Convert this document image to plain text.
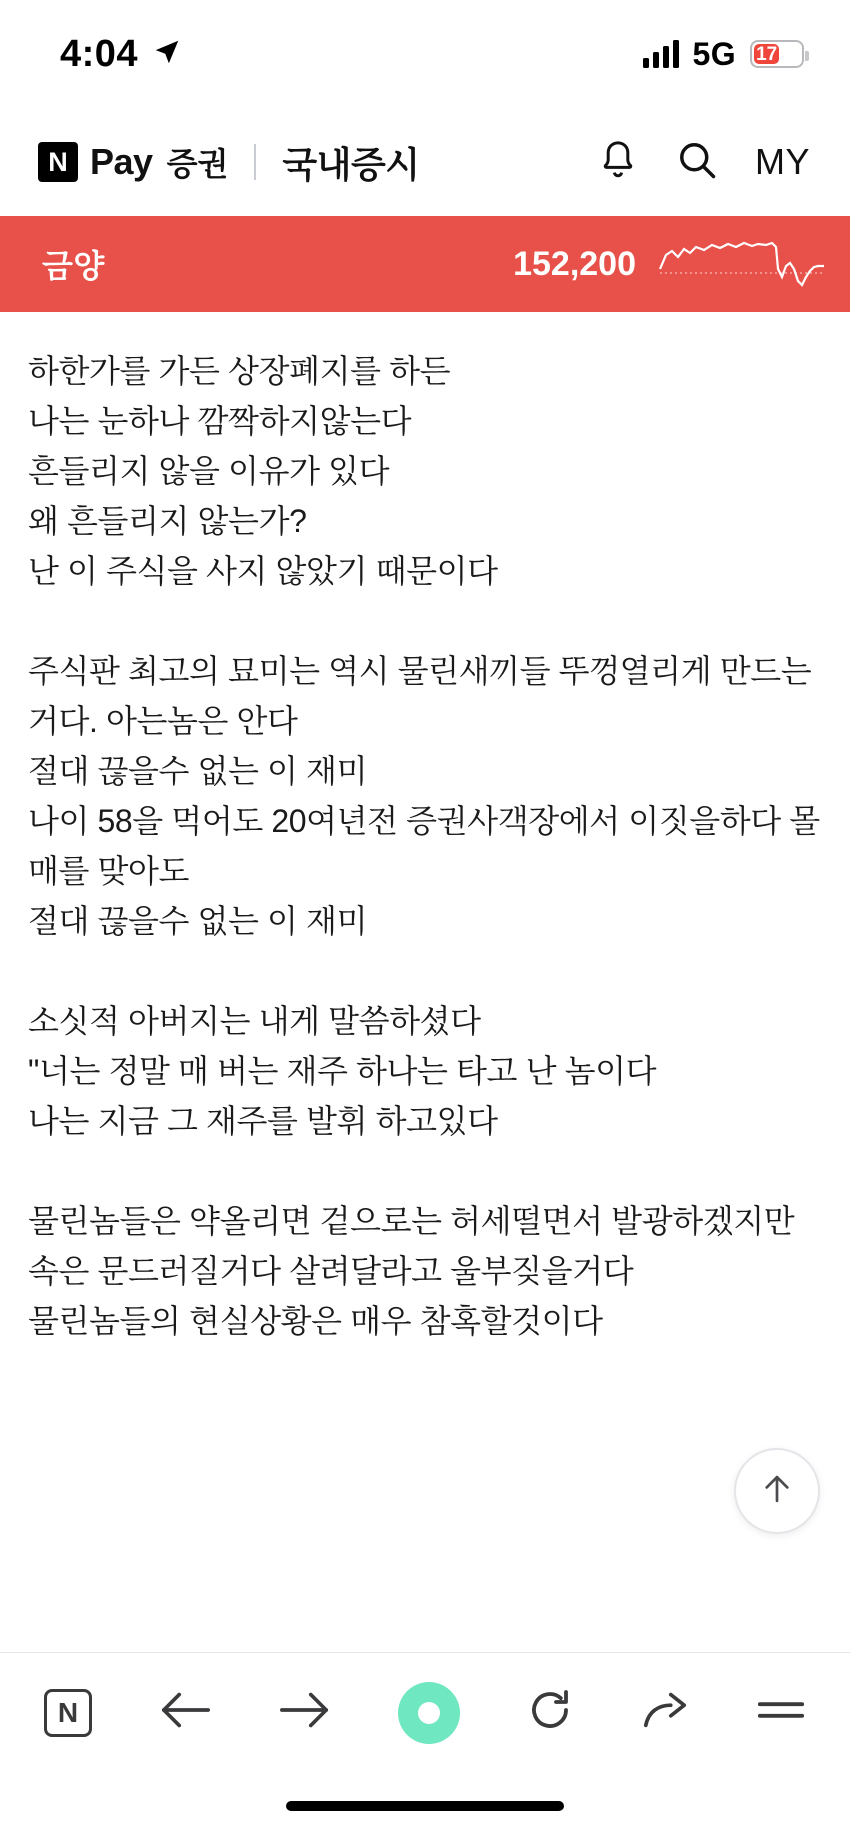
4:04	5G 17
N Pay 증권 국내증시	MY
금양	152,200

하한가를 가든 상장폐지를 하든

나는 눈하나 깜짝하지않는다

흔들리지 않을 이유가 있다

왜 흔들리지 않는가?

난 이 주식을 사지 않았기 때문이다

주식판 최고의 묘미는 역시 물린새끼들 뚜껑열리게 만드는거다. 아는놈은 안다

절대 끊을수 없는 이 재미

나이 58을 먹어도 20여년전 증권사객장에서 이짓을하다 몰매를 맞아도

절대 끊을수 없는 이 재미

소싯적 아버지는 내게 말씀하셨다

"너는 정말 매 버는 재주 하나는 타고 난 놈이다

나는 지금 그 재주를 발휘 하고있다

물린놈들은 약올리면 겉으로는 허세떨면서 발광하겠지만

속은 문드러질거다 살려달라고 울부짖을거다

물린놈들의 현실상황은 매우 참혹할것이다

N
